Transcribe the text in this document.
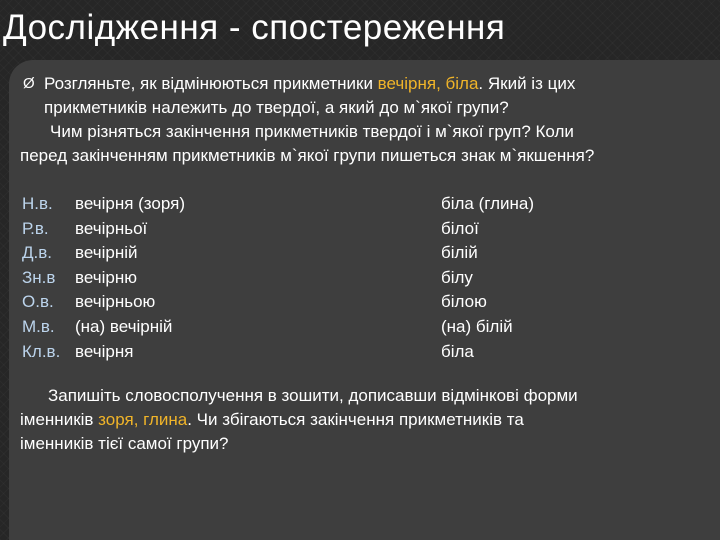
Дослідження - спостереження
Ø Розгляньте, як відмінюються прикметники вечірня, біла. Який із цих
прикметників належить до твердої, а який до м`якої групи?
Чим різняться закінчення прикметників твердої і м`якої груп? Коли
перед закінченням прикметників м`якої групи пишеться знак м`якшення?
Н.в.
Р.в.
Д.в.
Зн.в
О.в.
М.в.
Кл.в.
вечірня (зоря)
вечірньої
вечірній
вечірню
вечірньою
(на) вечірній
вечірня
біла (глина)
білої
білій
білу
білою
(на) білій
біла
Запишіть словосполучення в зошити, дописавши відмінкові форми
іменників зоря, глина. Чи збігаються закінчення прикметників та
іменників тієї самої групи?
